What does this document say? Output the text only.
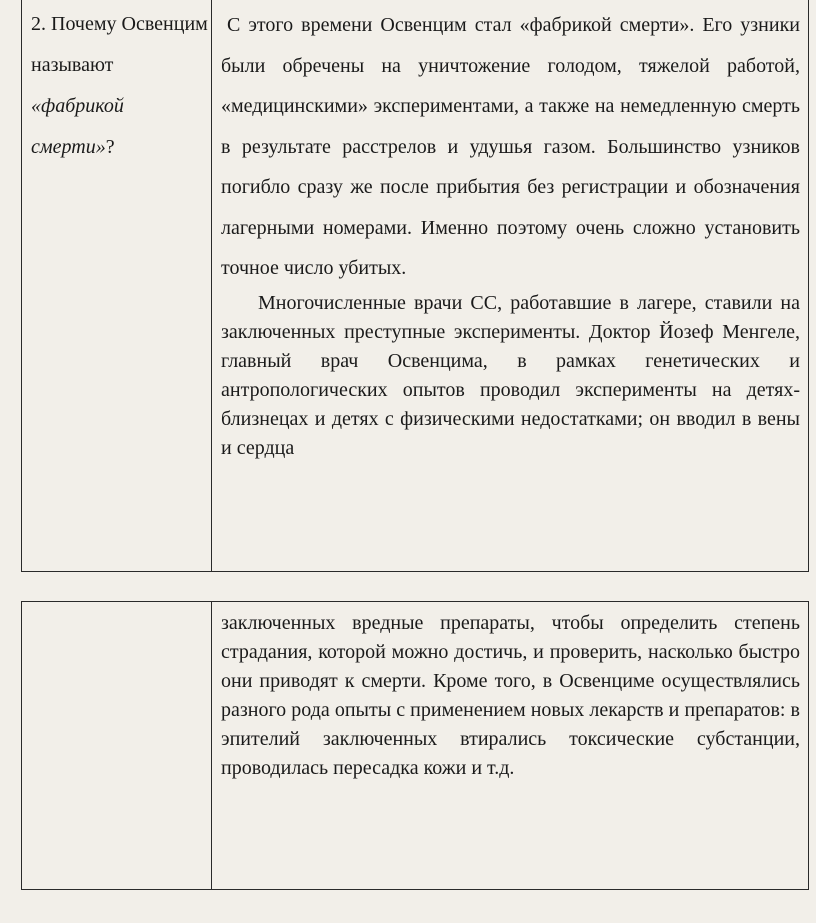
2. Почему Освенцим называют «фабрикой смерти»?

С этого времени Освенцим стал «фабрикой смерти». Его узники были обречены на уничтожение голодом, тяжелой работой, «медицинскими» экспериментами, а также на немедленную смерть в результате расстрелов и удушья газом. Большинство узников погибло сразу же после прибытия без регистрации и обозначения лагерными номерами. Именно поэтому очень сложно установить точное число убитых.

Многочисленные врачи СС, работавшие в лагере, ставили на заключенных преступные эксперименты. Доктор Йозеф Менгеле, главный врач Освенцима, в рамках генетических и антропологических опытов проводил эксперименты на детях-близнецах и детях с физическими недостатками; он вводил в вены и сердца

заключенных вредные препараты, чтобы определить степень страдания, которой можно достичь, и проверить, насколько быстро они приводят к смерти. Кроме того, в Освенциме осуществлялись разного рода опыты с применением новых лекарств и препаратов: в эпителий заключенных втирались токсические субстанции, проводилась пересадка кожи и т.д.
